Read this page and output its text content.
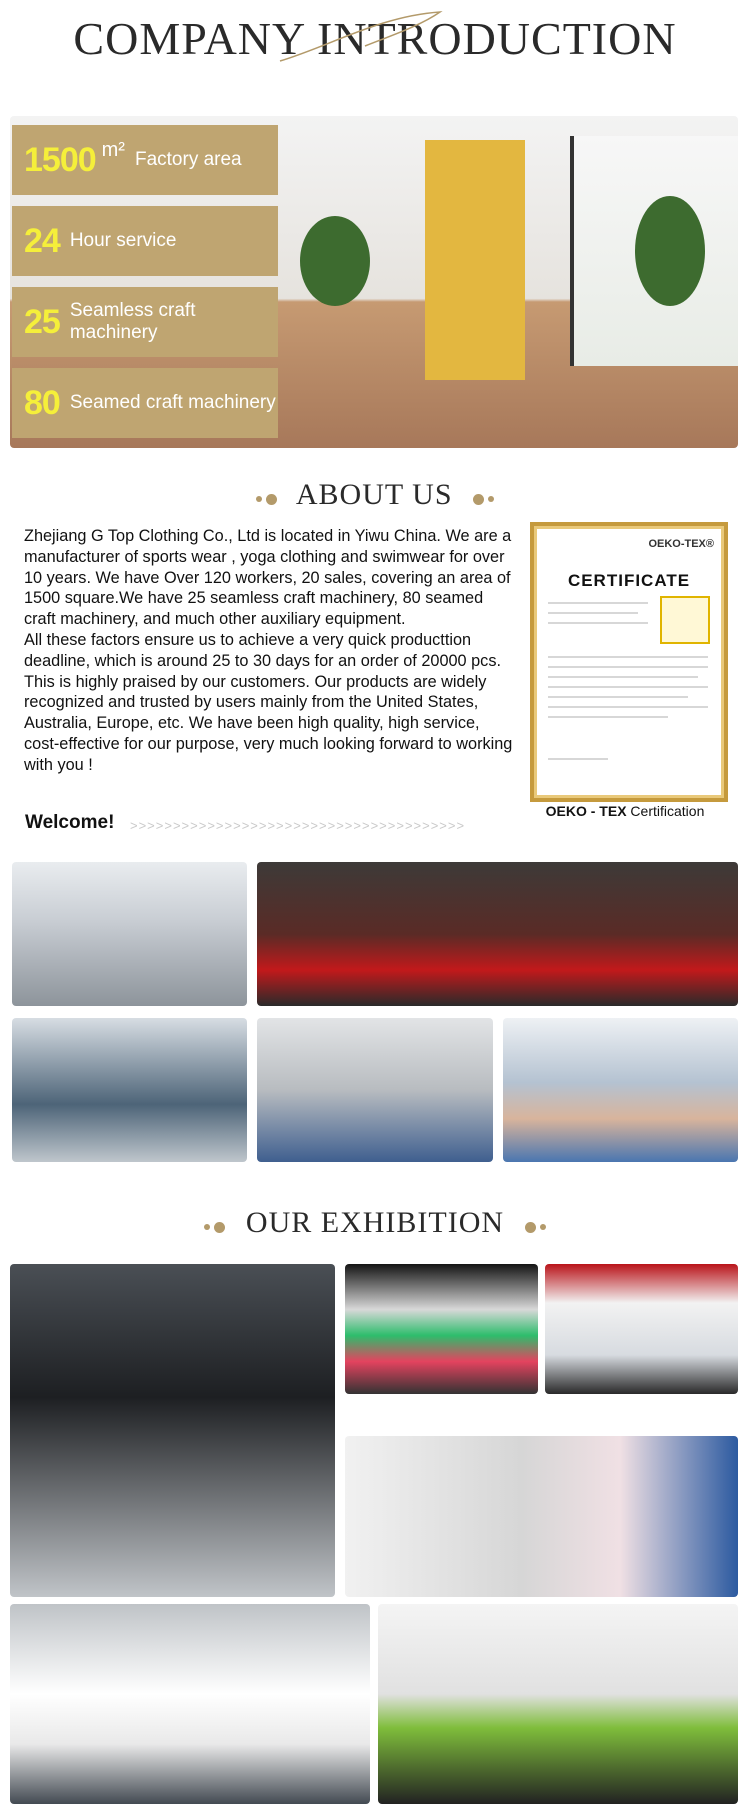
COMPANY INTRODUCTION
1500 m² Factory area
24 Hour service
25 Seamless craft machinery
80 Seamed craft machinery
ABOUT US

Zhejiang G Top Clothing Co., Ltd is located in Yiwu China. We are a manufacturer of sports wear , yoga clothing and swimwear for over 10 years. We have Over 120 workers, 20 sales, covering an area of 1500 square.We have 25 seamless craft machinery, 80 seamed craft machinery, and much other auxiliary equipment.

All these factors ensure us to achieve a very quick producttion deadline, which is around 25 to 30 days for an order of 20000 pcs. This is highly praised by our customers. Our products are widely recognized and trusted by users mainly from the United States, Australia, Europe, etc. We have been high quality, high service, cost-effective for our purpose, very much looking forward to working with you !

OEKO-TEX®
CERTIFICATE
OEKO - TEX Certification
Welcome! >>>>>>>>>>>>>>>>>>>>>>>>>>>>>>>>>>>>>>>
OUR EXHIBITION
